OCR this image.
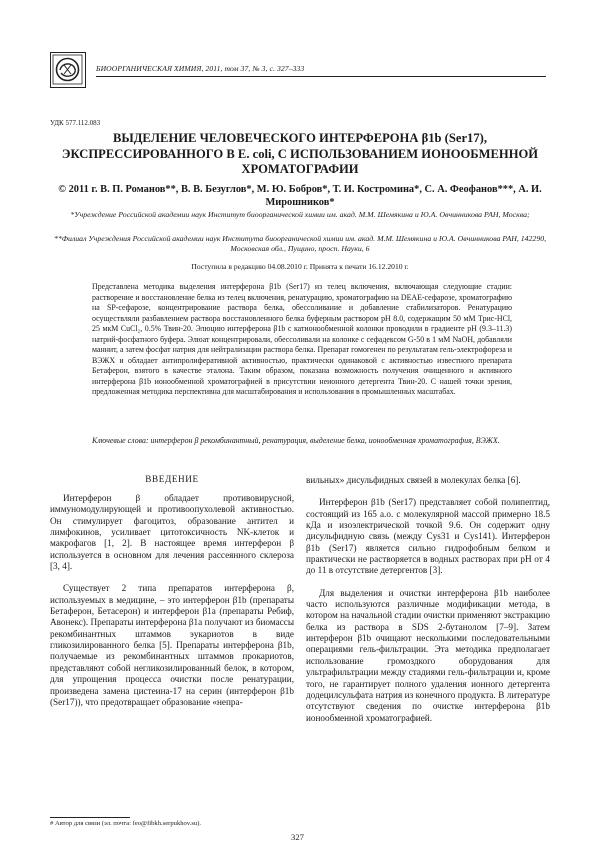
БИООРГАНИЧЕСКАЯ ХИМИЯ, 2011, том 37, № 3, с. 327–333
УДК 577.112.083
ВЫДЕЛЕНИЕ ЧЕЛОВЕЧЕСКОГО ИНТЕРФЕРОНА β1b (Ser17), ЭКСПРЕССИРОВАННОГО В E. coli, С ИСПОЛЬЗОВАНИЕМ ИОНООБМЕННОЙ ХРОМАТОГРАФИИ
© 2011 г. В. П. Романов**, В. В. Безуглов*, М. Ю. Бобров*, Т. И. Костромина*, С. А. Феофанов***, А. И. Мирошников*
*Учреждение Российской академии наук Институт биоорганической химии им. акад. М.М. Шемякина и Ю.А. Овчинникова РАН, Москва;
**Филиал Учреждения Российской академии наук Института биоорганической химии им. акад. М.М. Шемякина и Ю.А. Овчинникова РАН, 142290, Московская обл., Пущино, просп. Науки, 6
Поступила в редакцию 04.08.2010 г. Принята к печати 16.12.2010 г.
Представлена методика выделения интерферона β1b (Ser17) из телец включения, включающая следующие стадии: растворение и восстановление белка из телец включения, ренатурацию, хроматографию на DEAE-сефарозе, хроматографию на SP-сефарозе, концентрирование раствора белка, обессоливание и добавление стабилизаторов. Ренатурацию осуществляли разбавлением раствора восстановленного белка буферным раствором pH 8.0, содержащим 50 мМ Трис-HCl, 25 мкМ CuCl₂, 0.5% Твин-20. Элюцию интерферона β1b с катионообменной колонки проводили в градиенте pH (9.3–11.3) натрий-фосфатного буфера. Элюат концентрировали, обессоливали на колонке с сефадексом G-50 в 1 мМ NaOH, добавляли маннит, а затем фосфат натрия для нейтрализации раствора белка. Препарат гомогенен по результатам гель-электрофореза и ВЭЖХ и обладает антипролиферативной активностью, практически одинаковой с активностью известного препарата Бетаферон, взятого в качестве эталона. Таким образом, показана возможность получения очищенного и активного интерферона β1b ионообменной хроматографией в присутствии неионного детергента Твин-20. С нашей точки зрения, предложенная методика перспективна для масштабирования и использования в промышленных масштабах.
Ключевые слова: интерферон β рекомбинантный, ренатурация, выделение белка, ионообменная хроматография, ВЭЖХ.
ВВЕДЕНИЕ

Интерферон β обладает противовирусной, иммуномодулирующей и противоопухолевой активностью. Он стимулирует фагоцитоз, образование антител и лимфокинов, усиливает цитотоксичность NK-клеток и макрофагов [1, 2]. В настоящее время интерферон β используется в основном для лечения рассеянного склероза [3, 4].

Существует 2 типа препаратов интерферона β, используемых в медицине, – это интерферон β1b (препараты Бетаферон, Бетасерон) и интерферон β1a (препараты Ребиф, Авонекс). Препараты интерферона β1a получают из биомассы рекомбинантных штаммов эукариотов в виде гликозилированного белка [5]. Препараты интерферона β1b, получаемые из рекомбинантных штаммов прокариотов, представляют собой негликозилированный белок, в котором, для упрощения процесса очистки после ренатурации, произведена замена цистеина-17 на серин (интерферон β1b (Ser17)), что предотвращает образование «непра-

вильных» дисульфидных связей в молекулах белка [6].

Интерферон β1b (Ser17) представляет собой полипептид, состоящий из 165 а.о. с молекулярной массой примерно 18.5 кДа и изоэлектрической точкой 9.6. Он содержит одну дисульфидную связь (между Cys31 и Cys141). Интерферон β1b (Ser17) является сильно гидрофобным белком и практически не растворяется в водных растворах при pH от 4 до 11 в отсутствие детергентов [3].

Для выделения и очистки интерферона β1b наиболее часто используются различные модификации метода, в котором на начальной стадии очистки применяют экстракцию белка из раствора в SDS 2-бутанолом [7–9]. Затем интерферон β1b очищают несколькими последовательными операциями гель-фильтрации. Эта методика предполагает использование громоздкого оборудования для ультрафильтрации между стадиями гель-фильтрации и, кроме того, не гарантирует полного удаления ионного детергента додецилсульфата натрия из конечного продукта. В литературе отсутствуют сведения по очистке интерферона β1b ионообменной хроматографией.

# Автор для связи (эл. почта: feo@fibkh.serpukhov.su).
327
